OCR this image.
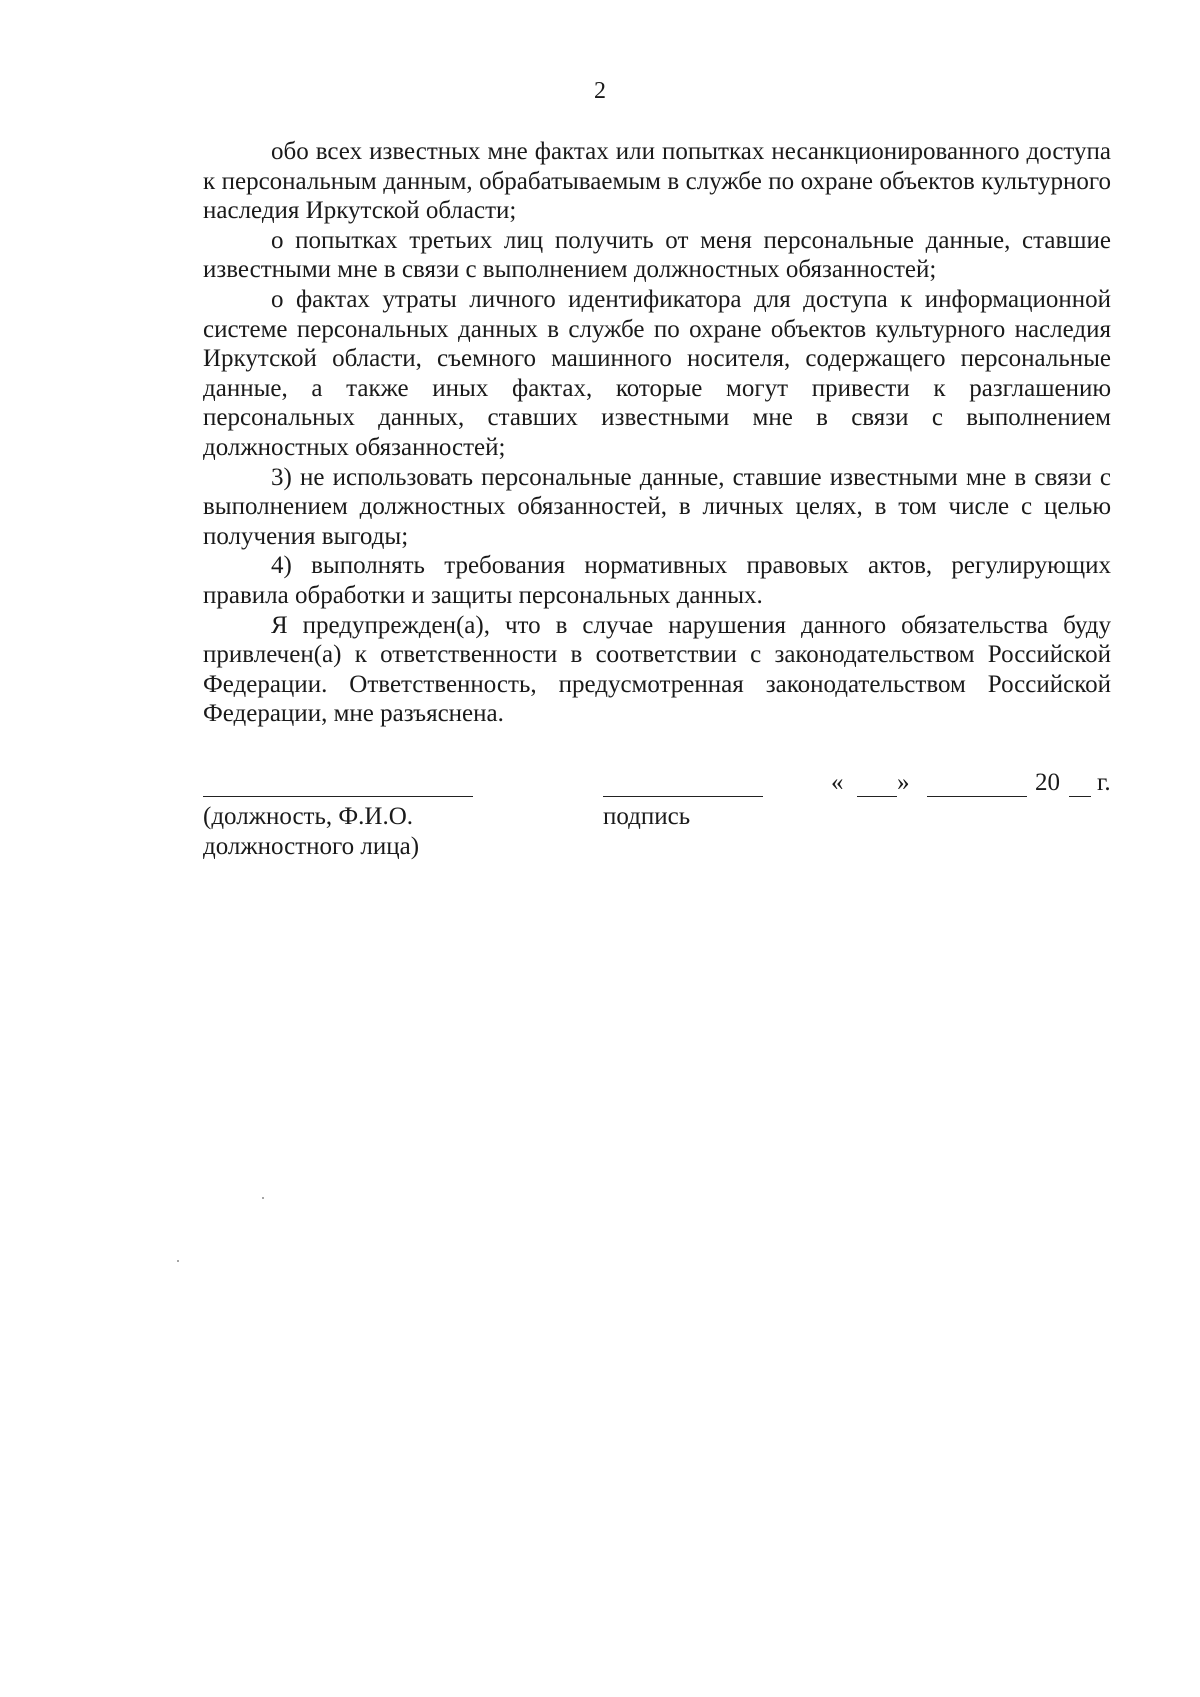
2

обо всех известных мне фактах или попытках несанкционированного доступа к персональным данным, обрабатываемым в службе по охране объектов культурного наследия Иркутской области;

о попытках третьих лиц получить от меня персональные данные, ставшие известными мне в связи с выполнением должностных обязанностей;

о фактах утраты личного идентификатора для доступа к информационной системе персональных данных в службе по охране объектов культурного наследия Иркутской области, съемного машинного носителя, содержащего персональные данные, а также иных фактах, которые могут привести к разглашению персональных данных, ставших известными мне в связи с выполнением должностных обязанностей;

3) не использовать персональные данные, ставшие известными мне в связи с выполнением должностных обязанностей, в личных целях, в том числе с целью получения выгоды;

4) выполнять требования нормативных правовых актов, регулирующих правила обработки и защиты персональных данных.

Я предупрежден(а), что в случае нарушения данного обязательства буду привлечен(а) к ответственности в соответствии с законодательством Российской Федерации. Ответственность, предусмотренная законодательством Российской Федерации, мне разъяснена.

« »	20 г.
(должность, Ф.И.О. должностного лица)
подпись
